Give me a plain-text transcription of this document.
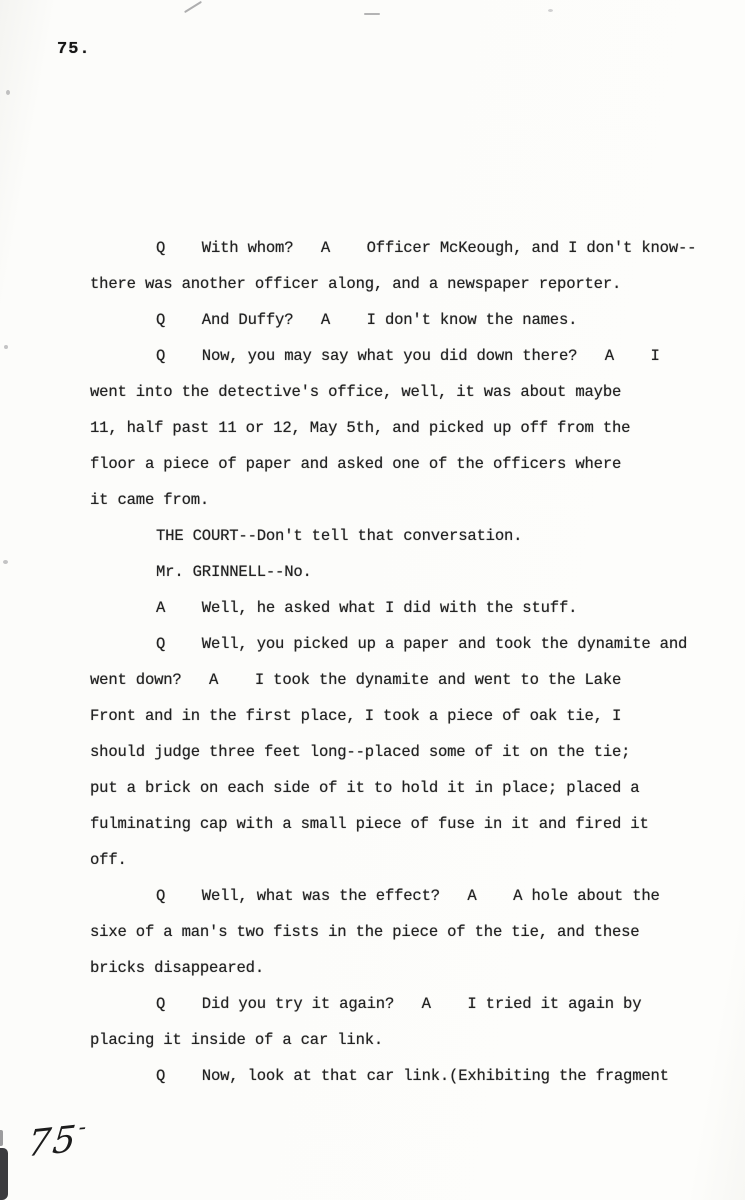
75.
Q    With whom?   A    Officer McKeough, and I don't know--
there was another officer along, and a newspaper reporter.
Q    And Duffy?   A    I don't know the names.
Q    Now, you may say what you did down there?   A    I
went into the detective's office, well, it was about maybe
11, half past 11 or 12, May 5th, and picked up off from the
floor a piece of paper and asked one of the officers where
it came from.
THE COURT--Don't tell that conversation.
Mr. GRINNELL--No.
A    Well, he asked what I did with the stuff.
Q    Well, you picked up a paper and took the dynamite and
went down?   A    I took the dynamite and went to the Lake
Front and in the first place, I took a piece of oak tie, I
should judge three feet long--placed some of it on the tie;
put a brick on each side of it to hold it in place; placed a
fulminating cap with a small piece of fuse in it and fired it
off.
Q    Well, what was the effect?   A    A hole about the
sixe of a man's two fists in the piece of the tie, and these
bricks disappeared.
Q    Did you try it again?   A    I tried it again by
placing it inside of a car link.
Q    Now, look at that car link.(Exhibiting the fragment
75-
